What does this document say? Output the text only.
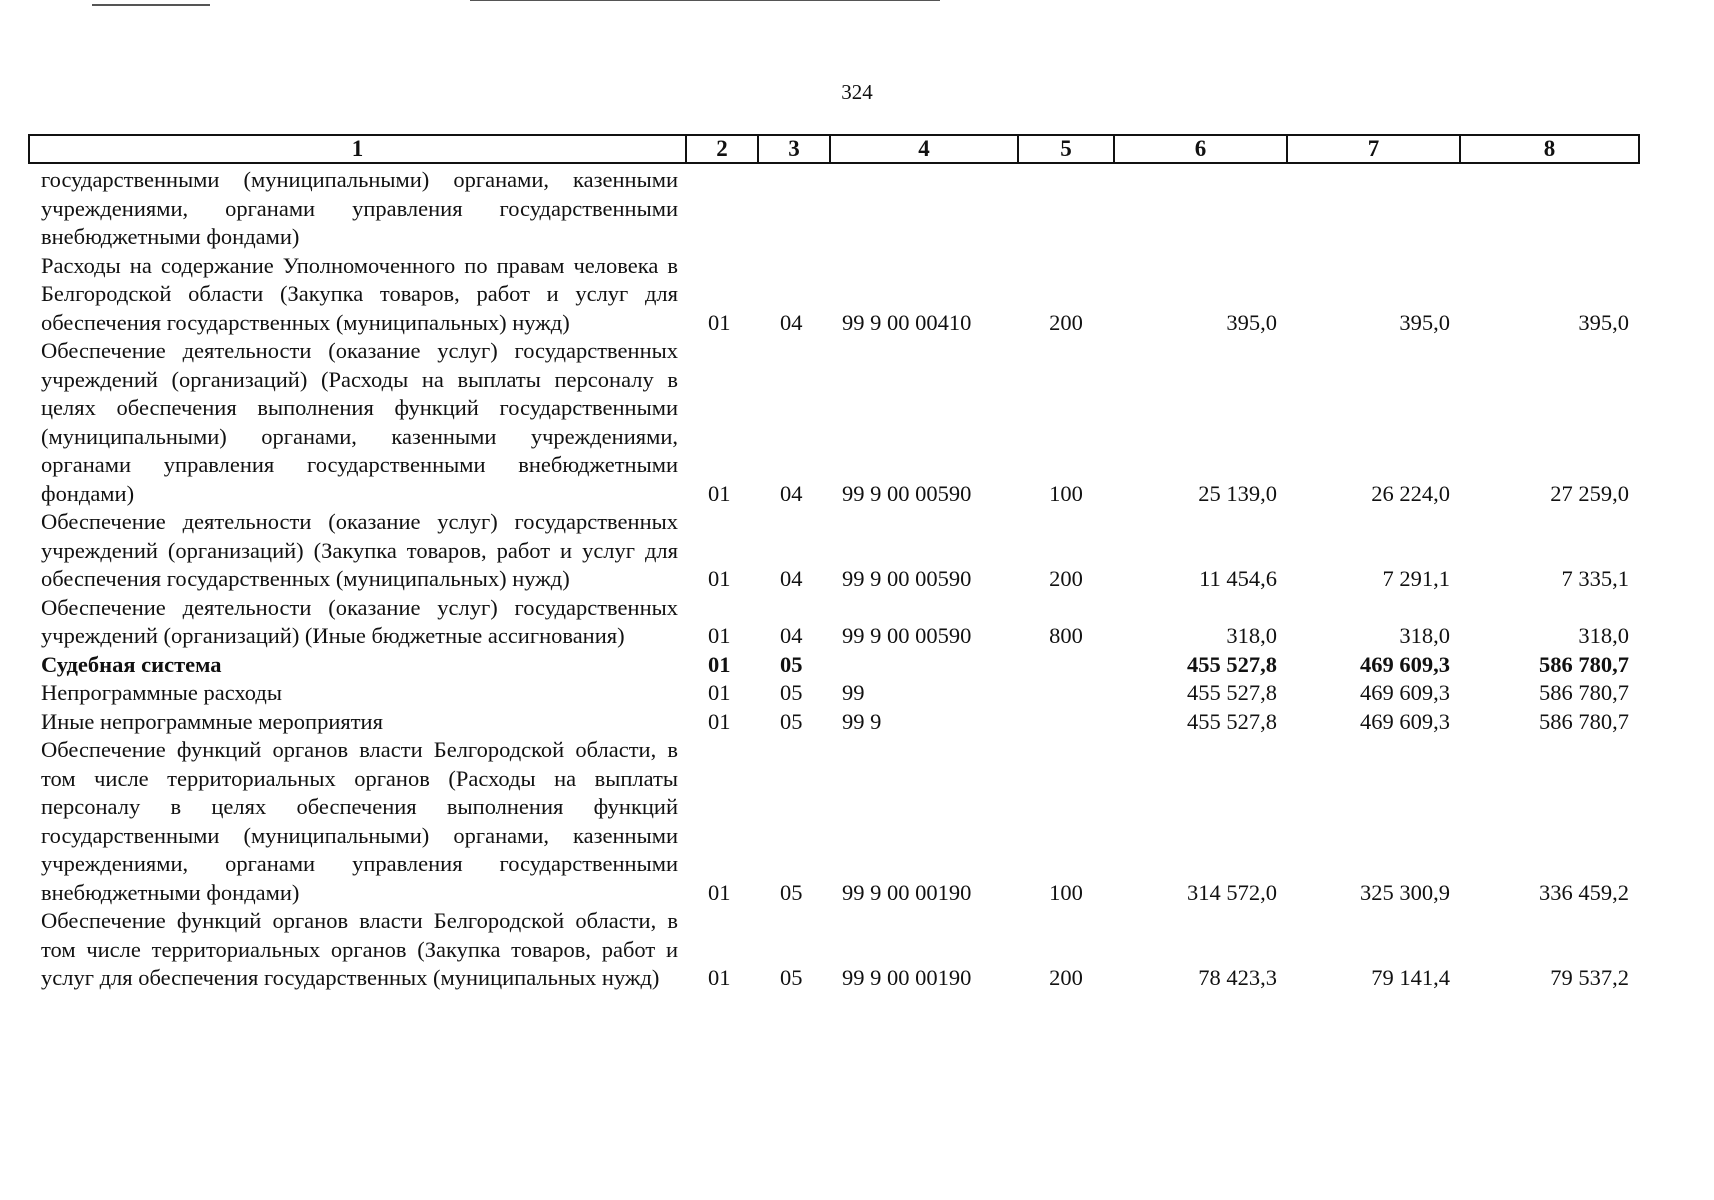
324
1	2	3	4	5	6	7	8
государственными (муниципальными) органами, казенными учреждениями, органами управления государственными внебюджетными фондами)							
Расходы на содержание Уполномоченного по правам человека в Белгородской области (Закупка товаров, работ и услуг для обеспечения государственных (муниципальных) нужд)	01	04	99 9 00 00410	200	395,0	395,0	395,0
Обеспечение деятельности (оказание услуг) государственных учреждений (организаций) (Расходы на выплаты персоналу в целях обеспечения выполнения функций государственными (муниципальными) органами, казенными учреждениями, органами управления государственными внебюджетными фондами)	01	04	99 9 00 00590	100	25 139,0	26 224,0	27 259,0
Обеспечение деятельности (оказание услуг) государственных учреждений (организаций) (Закупка товаров, работ и услуг для обеспечения государственных (муниципальных) нужд)	01	04	99 9 00 00590	200	11 454,6	7 291,1	7 335,1
Обеспечение деятельности (оказание услуг) государственных учреждений (организаций) (Иные бюджетные ассигнования)	01	04	99 9 00 00590	800	318,0	318,0	318,0
Судебная система	01	05			455 527,8	469 609,3	586 780,7
Непрограммные расходы	01	05	99		455 527,8	469 609,3	586 780,7
Иные непрограммные мероприятия	01	05	99 9		455 527,8	469 609,3	586 780,7
Обеспечение функций органов власти Белгородской области, в том числе территориальных органов (Расходы на выплаты персоналу в целях обеспечения выполнения функций государственными (муниципальными) органами, казенными учреждениями, органами управления государственными внебюджетными фондами)	01	05	99 9 00 00190	100	314 572,0	325 300,9	336 459,2
Обеспечение функций органов власти Белгородской области, в том числе территориальных органов (Закупка товаров, работ и услуг для обеспечения государственных (муниципальных нужд)	01	05	99 9 00 00190	200	78 423,3	79 141,4	79 537,2
